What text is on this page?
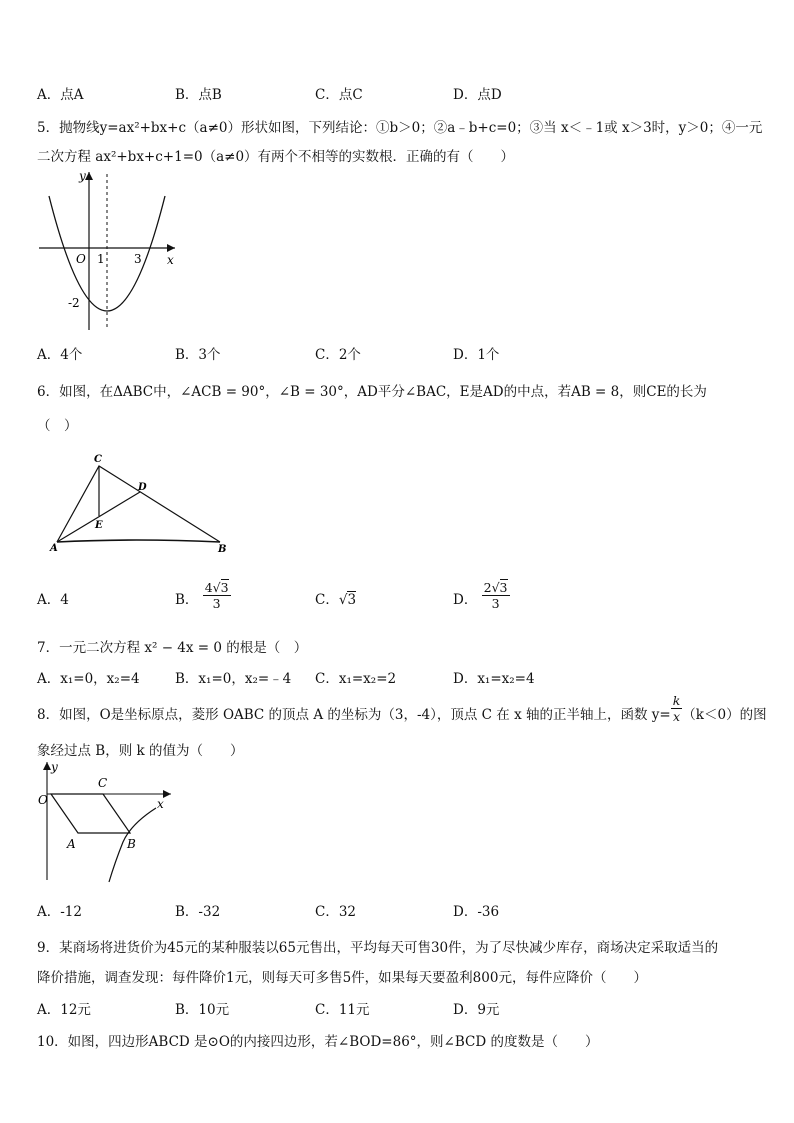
A．点A	B．点B	C．点C	D．点D
5．抛物线y=ax²+bx+c（a≠0）形状如图，下列结论：①b＞0；②a﹣b+c=0；③当 x＜﹣1或 x＞3时，y＞0；④一元
二次方程 ax²+bx+c+1=0（a≠0）有两个不相等的实数根．正确的有（　　）
y
x
O 1 3
-2
A．4个	B．3个	C．2个	D．1个
6．如图，在ΔABC中，∠ACB = 90°，∠B = 30°，AD平分∠BAC，E是AD的中点，若AB = 8，则CE的长为
（　）
C
D
E
A	B
A．4	B． $\frac{4√3}{3}$	C．√3	D． $\frac{2√3}{3}$
7．一元二次方程 x² − 4x = 0 的根是（　）
A．x₁=0，x₂=4	B．x₁=0，x₂=﹣4 C．x₁=x₂=2	D．x₁=x₂=4
8．如图，O是坐标原点，菱形 OABC 的顶点 A 的坐标为（3，-4），顶点 C 在 x 轴的正半轴上，函数 $y= \frac{k}{x} (k<0)$的图
象经过点 B，则 k 的值为（　　）
y
x
O
C
A	B
A．-12	B．-32	C．32	D．-36
9．某商场将进货价为45元的某种服装以65元售出，平均每天可售30件，为了尽快减少库存，商场决定采取适当的
降价措施，调查发现：每件降价1元，则每天可多售5件，如果每天要盈利800元，每件应降价（　　）
A．12元	B．10元	C．11元	D．9元
10．如图，四边形ABCD 是⊙O的内接四边形，若∠BOD=86°，则∠BCD 的度数是（　　）
